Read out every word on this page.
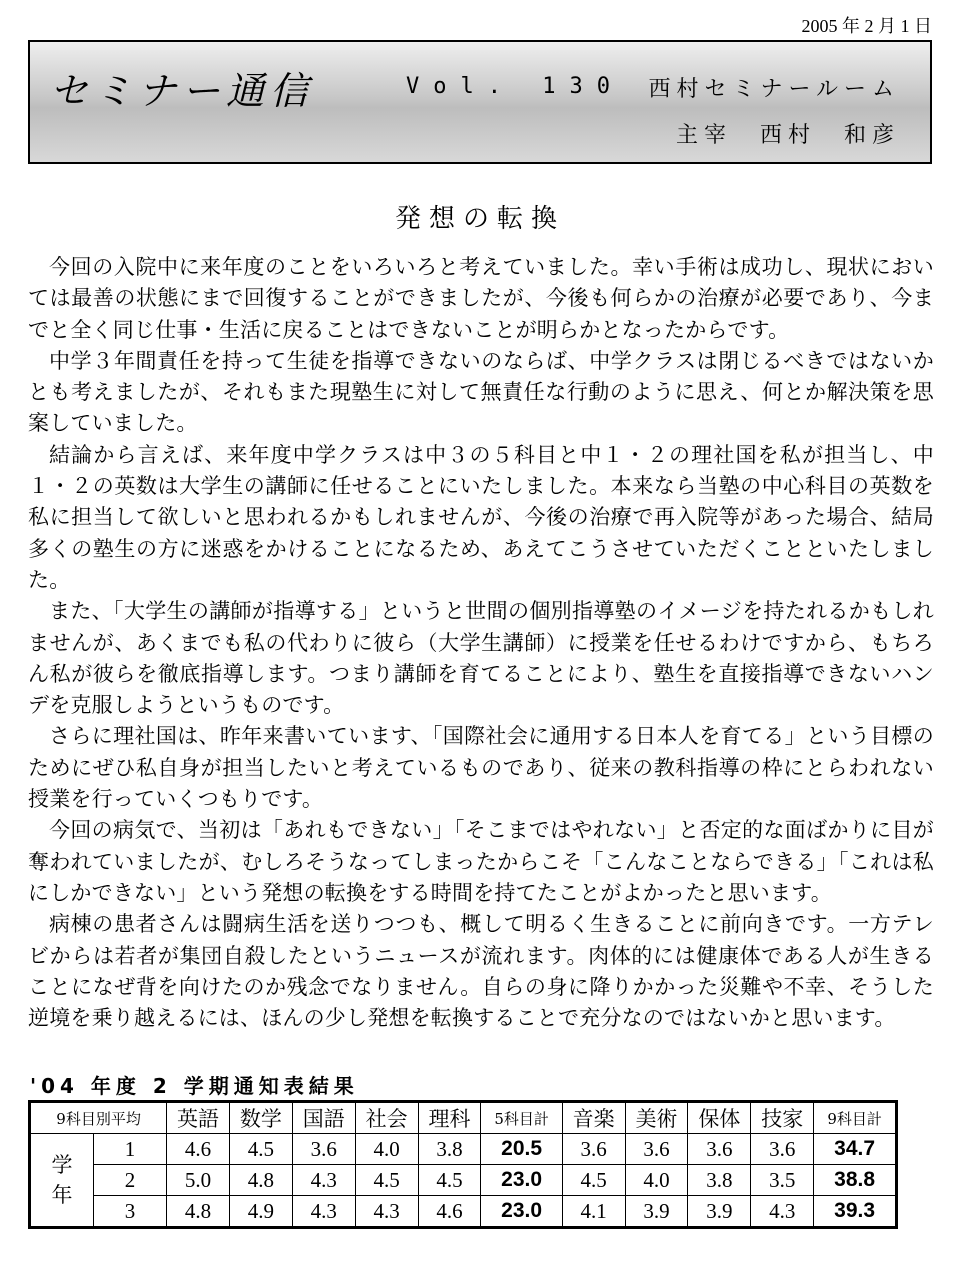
2005 年 2 月 1 日
セミナー通信	Vol. 130 西村セミナールーム
主宰　西村　和彦
発想の転換

今回の入院中に来年度のことをいろいろと考えていました。幸い手術は成功し、現状においては最善の状態にまで回復することができましたが、今後も何らかの治療が必要であり、今までと全く同じ仕事・生活に戻ることはできないことが明らかとなったからです。

中学３年間責任を持って生徒を指導できないのならば、中学クラスは閉じるべきではないかとも考えましたが、それもまた現塾生に対して無責任な行動のように思え、何とか解決策を思案していました。

結論から言えば、来年度中学クラスは中３の５科目と中１・２の理社国を私が担当し、中１・２の英数は大学生の講師に任せることにいたしました。本来なら当塾の中心科目の英数を私に担当して欲しいと思われるかもしれませんが、今後の治療で再入院等があった場合、結局多くの塾生の方に迷惑をかけることになるため、あえてこうさせていただくことといたしました。

また、「大学生の講師が指導する」というと世間の個別指導塾のイメージを持たれるかもしれませんが、あくまでも私の代わりに彼ら（大学生講師）に授業を任せるわけですから、もちろん私が彼らを徹底指導します。つまり講師を育てることにより、塾生を直接指導できないハンデを克服しようというものです。

さらに理社国は、昨年来書いています、「国際社会に通用する日本人を育てる」という目標のためにぜひ私自身が担当したいと考えているものであり、従来の教科指導の枠にとらわれない授業を行っていくつもりです。

今回の病気で、当初は「あれもできない」「そこまではやれない」と否定的な面ばかりに目が奪われていましたが、むしろそうなってしまったからこそ「こんなことならできる」「これは私にしかできない」という発想の転換をする時間を持てたことがよかったと思います。

病棟の患者さんは闘病生活を送りつつも、概して明るく生きることに前向きです。一方テレビからは若者が集団自殺したというニュースが流れます。肉体的には健康体である人が生きることになぜ背を向けたのか残念でなりません。自らの身に降りかかった災難や不幸、そうした逆境を乗り越えるには、ほんの少し発想を転換することで充分なのではないかと思います。

'04 年度 2 学期通知表結果
9科目別平均		英語	数学	国語	社会	理科	5科目計	音楽	美術	保体	技家	9科目計
学年	1	4.6	4.5	3.6	4.0	3.8	20.5	3.6	3.6	3.6	3.6	34.7
	2	5.0	4.8	4.3	4.5	4.5	23.0	4.5	4.0	3.8	3.5	38.8
	3	4.8	4.9	4.3	4.3	4.6	23.0	4.1	3.9	3.9	4.3	39.3
